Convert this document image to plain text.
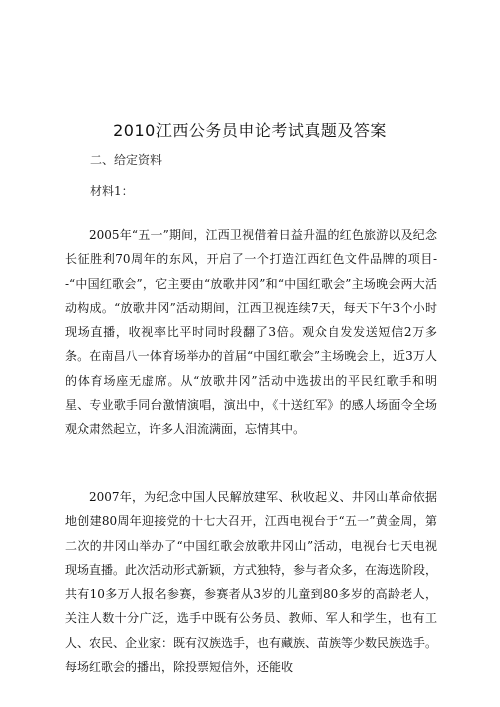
2010江西公务员申论考试真题及答案
二、给定资料
材料1：

2005年“五一”期间，江西卫视借着日益升温的红色旅游以及纪念长征胜利70周年的东风，开启了一个打造江西红色文件品牌的项目--“中国红歌会”，它主要由“放歌井冈”和“中国红歌会”主场晚会两大活动构成。“放歌井冈”活动期间，江西卫视连续7天，每天下午3个小时现场直播，收视率比平时同时段翻了3倍。观众自发发送短信2万多条。在南昌八一体育场举办的首届“中国红歌会”主场晚会上，近3万人的体育场座无虚席。从“放歌井冈”活动中选拔出的平民红歌手和明星、专业歌手同台激情演唱，演出中，《十送红军》的感人场面令全场观众肃然起立，许多人泪流满面，忘情其中。

2007年，为纪念中国人民解放建军、秋收起义、井冈山革命依据地创建80周年迎接党的十七大召开，江西电视台于“五一”黄金周，第二次的井冈山举办了“中国红歌会放歌井冈山”活动，电视台七天电视现场直播。此次活动形式新颖，方式独特，参与者众多，在海选阶段，共有10多万人报名参赛，参赛者从3岁的儿童到80多岁的高龄老人，关注人数十分广泛，选手中既有公务员、教师、军人和学生，也有工人、农民、企业家：既有汉族选手，也有藏族、苗族等少数民族选手。每场红歌会的播出，除投票短信外，还能收
